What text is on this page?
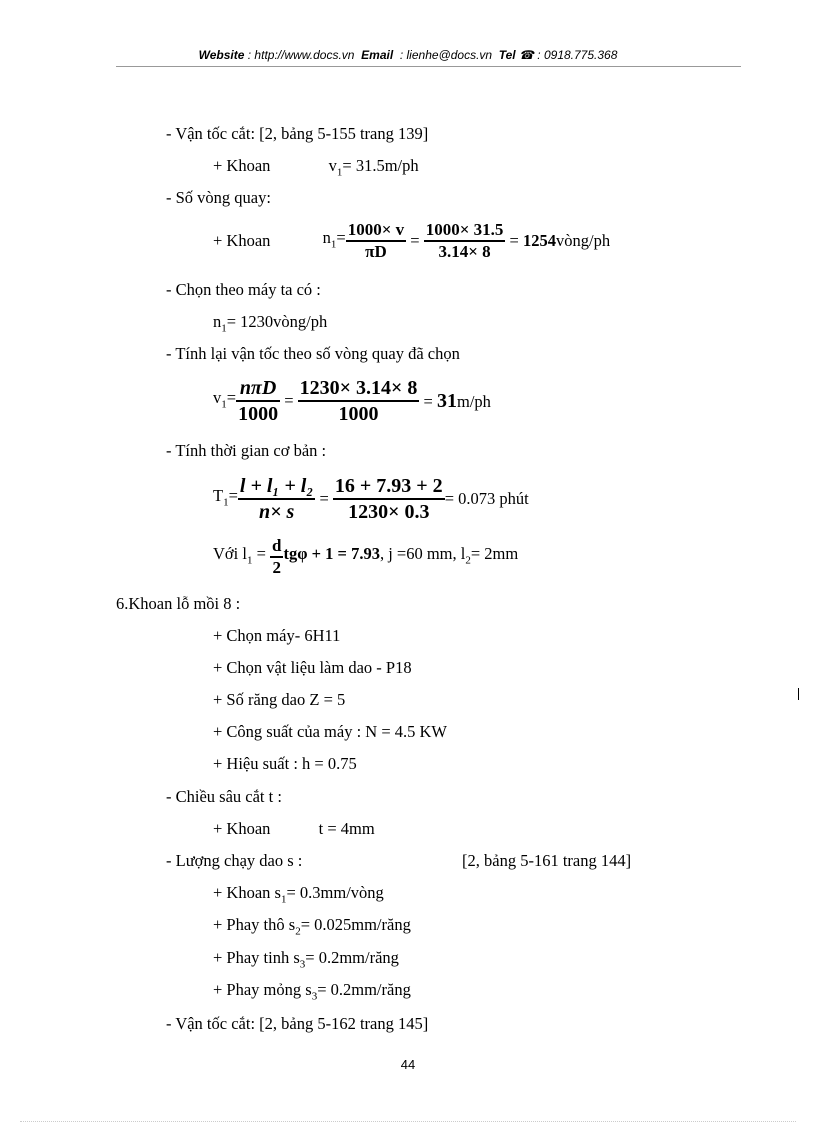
Website : http://www.docs.vn Email : lienhe@docs.vn Tel ☎ : 0918.775.368
- Vận tốc cắt: [2, bảng 5-155 trang 139]
+ Khoan	$v_1= 31.5m/ph$
- Số vòng quay:
+ Khoan	$n_1= \frac{1000\times v}{\pi D} = \frac{1000\times 31.5}{3.14\times 8}$ = 1254vòng/ph
- Chọn theo máy ta có :
$n_1=$ 1230vòng/ph
- Tính lại vận tốc theo số vòng quay đã chọn
$v_1= \frac{\text{nπD}}{1000} = \frac{1230\times 3.14\times 8}{1000} = 31m/ph$
- Tính thời gian cơ bản :
$T_1= \frac{\text{l + l₁ + l₂}}{n\times s} = \frac{16 + 7.93 + 2}{1230\times 0.3} = 0.073$ phút
Với $l_1 = \frac{d}{2}$ tgφ + 1 = 7.93, j =60 mm, $l_2= 2mm$
6.Khoan lỗ mồi 8 :
+ Chọn máy- 6H11
+ Chọn vật liệu làm dao - P18
+ Số răng dao Z = 5
+ Công suất của máy : N = 4.5 KW
+ Hiệu suất : h = 0.75
- Chiều sâu cắt t :
+ Khoan	t = 4mm
- Lượng chạy dao s :	[2, bảng 5-161 trang 144]
+ Khoan $s_1=$ 0.3mm/vòng
+ Phay thô $s_2=$ 0.025mm/răng
+ Phay tinh $s_3=$ 0.2mm/răng
+ Phay mỏng $s_3=$ 0.2mm/răng
- Vận tốc cắt: [2, bảng 5-162 trang 145]
44
